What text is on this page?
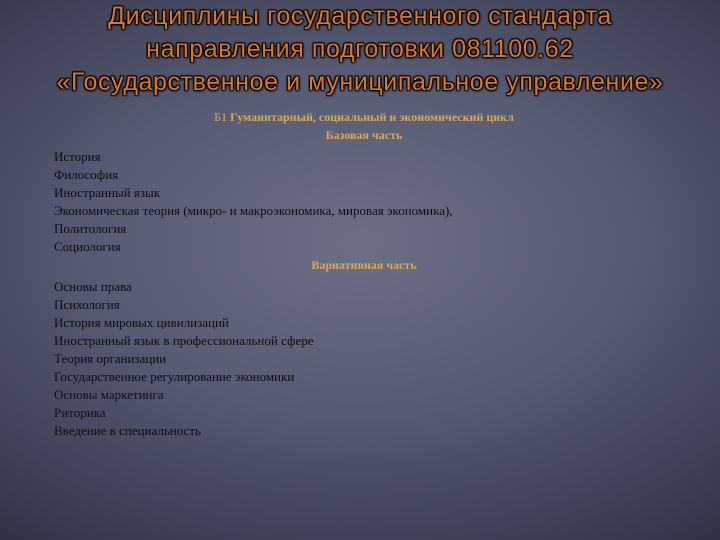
Дисциплины государственного стандарта
направления подготовки 081100.62
«Государственное и муниципальное управление»
Б1 Гуманитарный, социальный и экономический цикл
Базовая часть
История
Философия
Иностранный язык
Экономическая теория (микро- и макроэкономика, мировая экономика),
Политология
Социология
Вариативная часть
Основы права
Психология
История мировых цивилизаций
Иностранный язык в профессиональной сфере
Теория организации
Государственное регулирование экономики
Основы маркетинга
Риторика
Введение в специальность
